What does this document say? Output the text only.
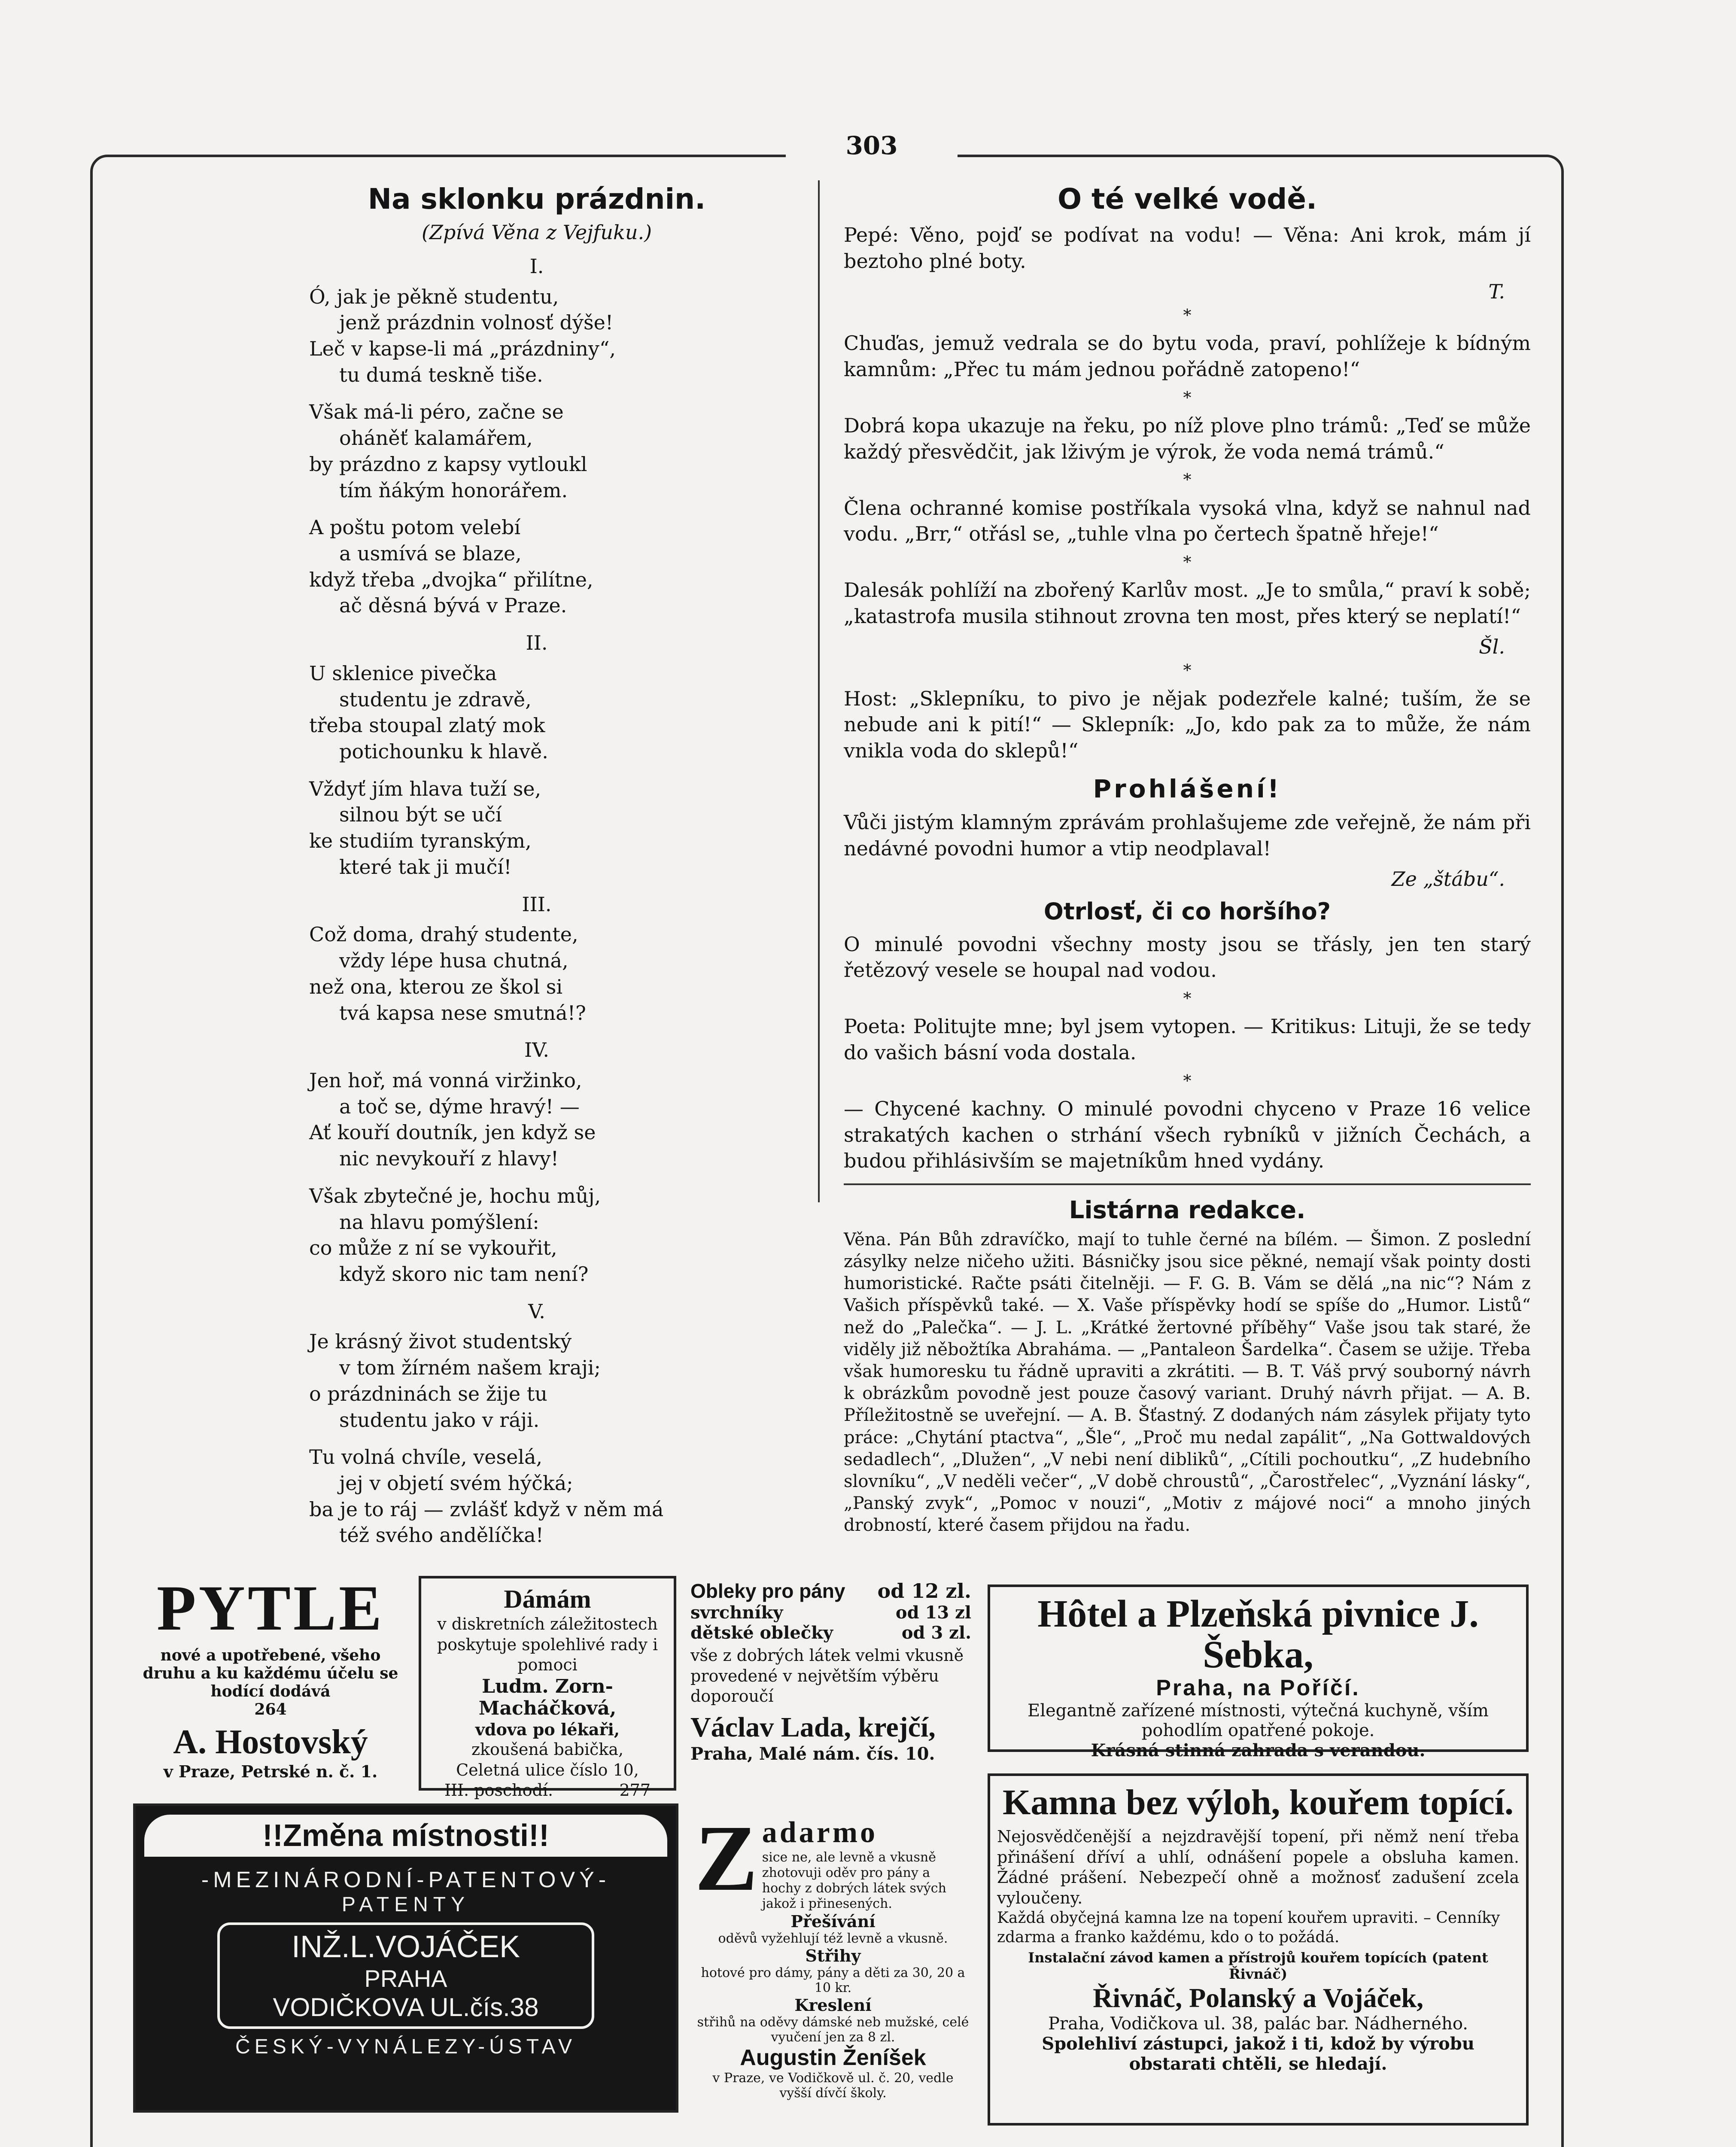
303
Na sklonku prázdnin.
(Zpívá Věna z Vejfuku.)
I.

Ó, jak je pěkně studentu,

jenž prázdnin volnosť dýše!

Leč v kapse-li má „prázdniny“,

tu dumá teskně tiše.

Však má-li péro, začne se

oháněť kalamářem,

by prázdno z kapsy vytloukl

tím ňákým honorářem.

A poštu potom velebí

a usmívá se blaze,

když třeba „dvojka“ přilítne,

ač děsná bývá v Praze.

II.

U sklenice pivečka

studentu je zdravě,

třeba stoupal zlatý mok

potichounku k hlavě.

Vždyť jím hlava tuží se,

silnou být se učí

ke studiím tyranským,

které tak ji mučí!

III.

Což doma, drahý studente,

vždy lépe husa chutná,

než ona, kterou ze škol si

tvá kapsa nese smutná!?

IV.

Jen hoř, má vonná viržinko,

a toč se, dýme hravý! —

Ať kouří doutník, jen když se

nic nevykouří z hlavy!

Však zbytečné je, hochu můj,

na hlavu pomýšlení:

co může z ní se vykouřit,

když skoro nic tam není?

V.

Je krásný život studentský

v tom žírném našem kraji;

o prázdninách se žije tu

studentu jako v ráji.

Tu volná chvíle, veselá,

jej v objetí svém hýčká;

ba je to ráj — zvlášť když v něm má

též svého andělíčka!

O té velké vodě.

Pepé: Věno, pojď se podívat na vodu! — Věna: Ani krok, mám jí beztoho plné boty.

T.
*

Chuďas, jemuž vedrala se do bytu voda, praví, pohlížeje k bídným kamnům: „Přec tu mám jednou pořádně zatopeno!“

*

Dobrá kopa ukazuje na řeku, po níž plove plno trámů: „Teď se může každý přesvědčit, jak lživým je výrok, že voda nemá trámů.“

*

Člena ochranné komise postříkala vysoká vlna, když se nahnul nad vodu. „Brr,“ otřásl se, „tuhle vlna po čertech špatně hřeje!“

*

Dalesák pohlíží na zbořený Karlův most. „Je to smůla,“ praví k sobě; „katastrofa musila stihnout zrovna ten most, přes který se neplatí!“

Šl.
*

Host: „Sklepníku, to pivo je nějak podezřele kalné; tuším, že se nebude ani k pití!“ — Sklepník: „Jo, kdo pak za to může, že nám vnikla voda do sklepů!“

Prohlášení!

Vůči jistým klamným zprávám prohlašujeme zde veřejně, že nám při nedávné povodni humor a vtip neodplaval!

Ze „štábu“.
Otrlosť, či co horšího?

O minulé povodni všechny mosty jsou se třásly, jen ten starý řetězový vesele se houpal nad vodou.

*

Poeta: Politujte mne; byl jsem vytopen. — Kritikus: Lituji, že se tedy do vašich básní voda dostala.

*

— Chycené kachny. O minulé povodni chyceno v Praze 16 velice strakatých kachen o strhání všech rybníků v jižních Čechách, a budou přihlásivším se majetníkům hned vydány.

Listárna redakce.

Věna. Pán Bůh zdravíčko, mají to tuhle černé na bílém. — Šimon. Z poslední zásylky nelze ničeho užiti. Básničky jsou sice pěkné, nemají však pointy dosti humoristické. Račte psáti čitelněji. — F. G. B. Vám se dělá „na nic“? Nám z Vašich příspěvků také. — X. Vaše příspěvky hodí se spíše do „Humor. Listů“ než do „Palečka“. — J. L. „Krátké žertovné příběhy“ Vaše jsou tak staré, že viděly již něbožtíka Abraháma. — „Pantaleon Šardelka“. Časem se užije. Třeba však humoresku tu řádně upraviti a zkrátiti. — B. T. Váš prvý souborný návrh k obrázkům povodně jest pouze časový variant. Druhý návrh přijat. — A. B. Příležitostně se uveřejní. — A. B. Šťastný. Z dodaných nám zásylek přijaty tyto práce: „Chytání ptactva“, „Šle“, „Proč mu nedal zapálit“, „Na Gottwaldových sedadlech“, „Dlužen“, „V nebi není dibliků“, „Cítili pochoutku“, „Z hudebního slovníku“, „V neděli večer“, „V době chroustů“, „Čarostřelec“, „Vyznání lásky“, „Panský zvyk“, „Pomoc v nouzi“, „Motiv z májové noci“ a mnoho jiných drobností, které časem přijdou na řadu.

PYTLE
nové a upotřebené, všeho druhu a ku každému účelu se hodící dodává
264
A. Hostovský
v Praze, Petrské n. č. 1.
Dámám
v diskretních záležitostech poskytuje spolehlivé rady i pomoci
Ludm. Zorn-Macháčková,
vdova po lékaři,
zkoušená babička,
Celetná ulice číslo 10,
III. poschodí.	277
Obleky pro pány od 12 zl.
svrchníky	od 13 zl
dětské oblečky	od 3 zl.
vše z dobrých látek velmi vkusně provedené v největším výběru doporoučí
Václav Lada, krejčí,
Praha, Malé nám. čís. 10.
Hôtel a Plzeňská pivnice J. Šebka,
Praha, na Poříčí.
Elegantně zařízené místnosti, výtečná kuchyně, vším pohodlím opatřené pokoje.
Krásná stinná zahrada s verandou.
!!Změna místnosti!!
-MEZINÁRODNÍ-PATENTOVÝ-
PATENTY
INŽ.L.VOJÁČEK
PRAHA
VODIČKOVA UL.čís.38
ČESKÝ-VYNÁLEZY-ÚSTAV
Z adarmo
sice ne, ale levně a vkusně zhotovuji oděv pro pány a hochy z dobrých látek svých jakož i přinesených.
Přešívání
oděvů vyžehlují též levně a vkusně.
Střihy
hotové pro dámy, pány a děti za 30, 20 a 10 kr.
Kreslení
střihů na oděvy dámské neb mužské, celé vyučení jen za 8 zl.
Augustin Ženíšek
v Praze, ve Vodičkově ul. č. 20, vedle vyšší dívčí školy.
Kamna bez výloh, kouřem topící.
Nejosvědčenější a nejzdravější topení, při němž není třeba přinášení dříví a uhlí, odnášení popele a obsluha kamen. Žádné prášení. Nebezpečí ohně a možnosť zadušení zcela vyloučeny.
Každá obyčejná kamna lze na topení kouřem upraviti. – Cenníky zdarma a franko každému, kdo o to požádá.
Instalační závod kamen a přístrojů kouřem topících (patent Řivnáč)
Řivnáč, Polanský a Vojáček,
Praha, Vodičkova ul. 38, palác bar. Nádherného.
Spolehliví zástupci, jakož i ti, kdož by výrobu obstarati chtěli, se hledají.
